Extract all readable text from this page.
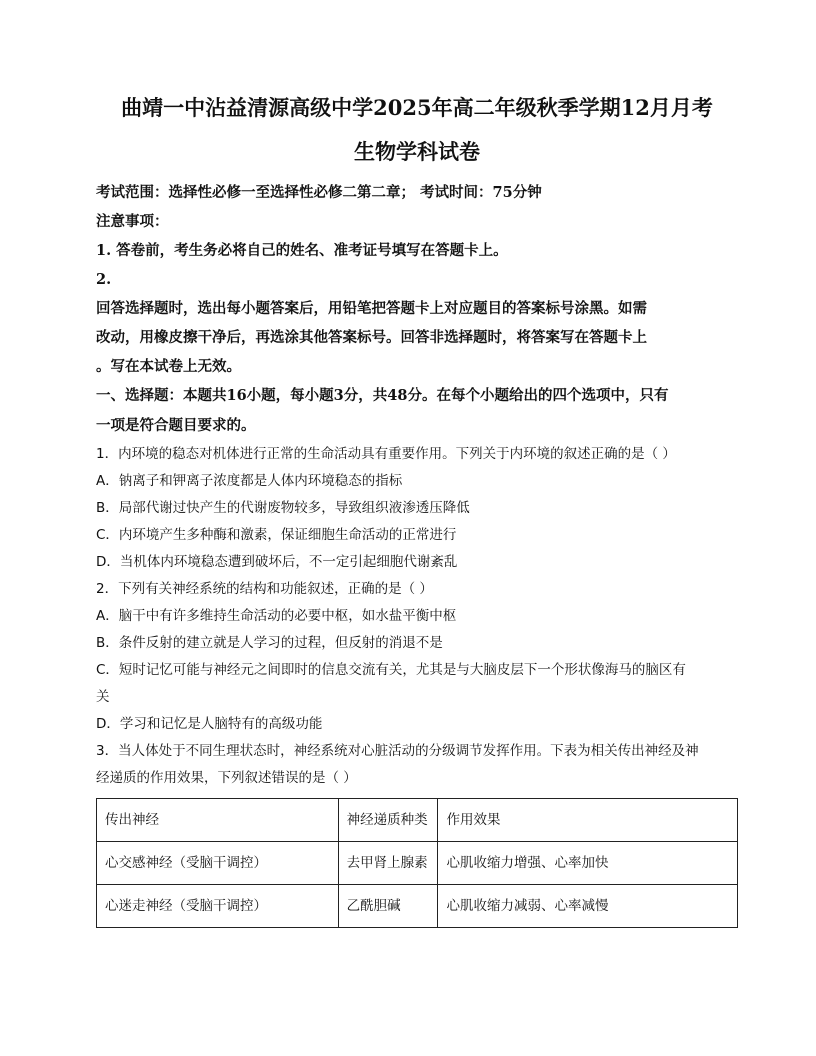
曲靖一中沾益清源高级中学2025年高二年级秋季学期12月月考

生物学科试卷

考试范围：选择性必修一至选择性必修二第二章； 考试时间：75分钟

注意事项：

1. 答卷前，考生务必将自己的姓名、准考证号填写在答题卡上。

2.

回答选择题时，选出每小题答案后，用铅笔把答题卡上对应题目的答案标号涂黑。如需

改动，用橡皮擦干净后，再选涂其他答案标号。回答非选择题时，将答案写在答题卡上

。写在本试卷上无效。

一、选择题：本题共16小题，每小题3分，共48分。在每个小题给出的四个选项中，只有

一项是符合题目要求的。

1．内环境的稳态对机体进行正常的生命活动具有重要作用。下列关于内环境的叙述正确的是（ ）

A．钠离子和钾离子浓度都是人体内环境稳态的指标

B．局部代谢过快产生的代谢废物较多，导致组织液渗透压降低

C．内环境产生多种酶和激素，保证细胞生命活动的正常进行

D．当机体内环境稳态遭到破坏后，不一定引起细胞代谢紊乱

2．下列有关神经系统的结构和功能叙述，正确的是（ ）

A．脑干中有许多维持生命活动的必要中枢，如水盐平衡中枢

B．条件反射的建立就是人学习的过程，但反射的消退不是

C．短时记忆可能与神经元之间即时的信息交流有关，尤其是与大脑皮层下一个形状像海马的脑区有

关

D．学习和记忆是人脑特有的高级功能

3．当人体处于不同生理状态时，神经系统对心脏活动的分级调节发挥作用。下表为相关传出神经及神

经递质的作用效果，下列叙述错误的是（ ）

传出神经	神经递质种类	作用效果
心交感神经（受脑干调控）	去甲肾上腺素	心肌收缩力增强、心率加快
心迷走神经（受脑干调控）	乙酰胆碱	心肌收缩力减弱、心率减慢
